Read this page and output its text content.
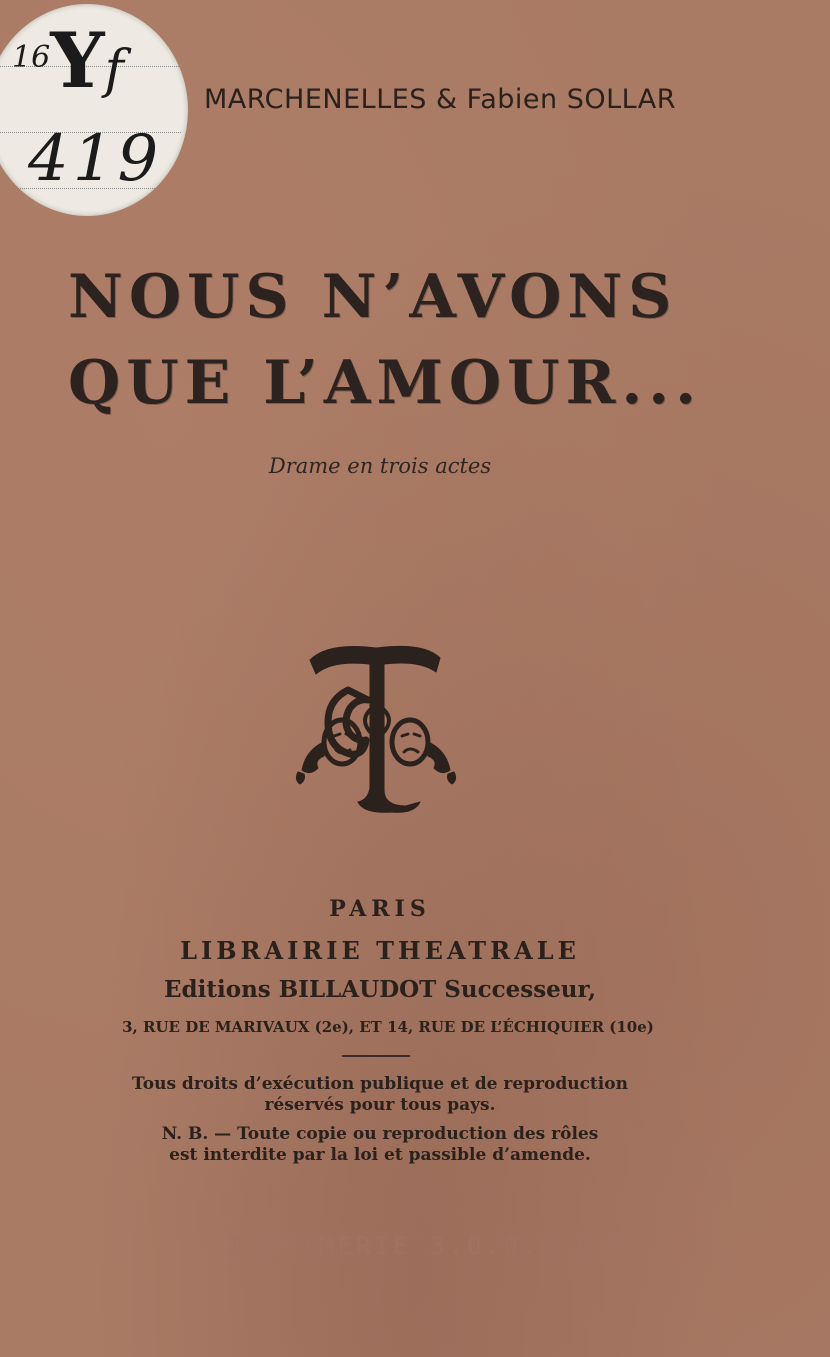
16Yf
419
MARCHENELLES & Fabien SOLLAR
NOUS N’AVONS
QUE L’AMOUR...
Drame en trois actes
PARIS
LIBRAIRIE THEATRALE
Editions BILLAUDOT Successeur,
3, RUE DE MARIVAUX (2e), ET 14, RUE DE L’ÉCHIQUIER (10e)
Tous droits d’exécution publique et de reproduction
réservés pour tous pays.
N. B. — Toute copie ou reproduction des rôles
est interdite par la loi et passible d’amende.
IMPRIMERIE 3.0.0.0.0.0
